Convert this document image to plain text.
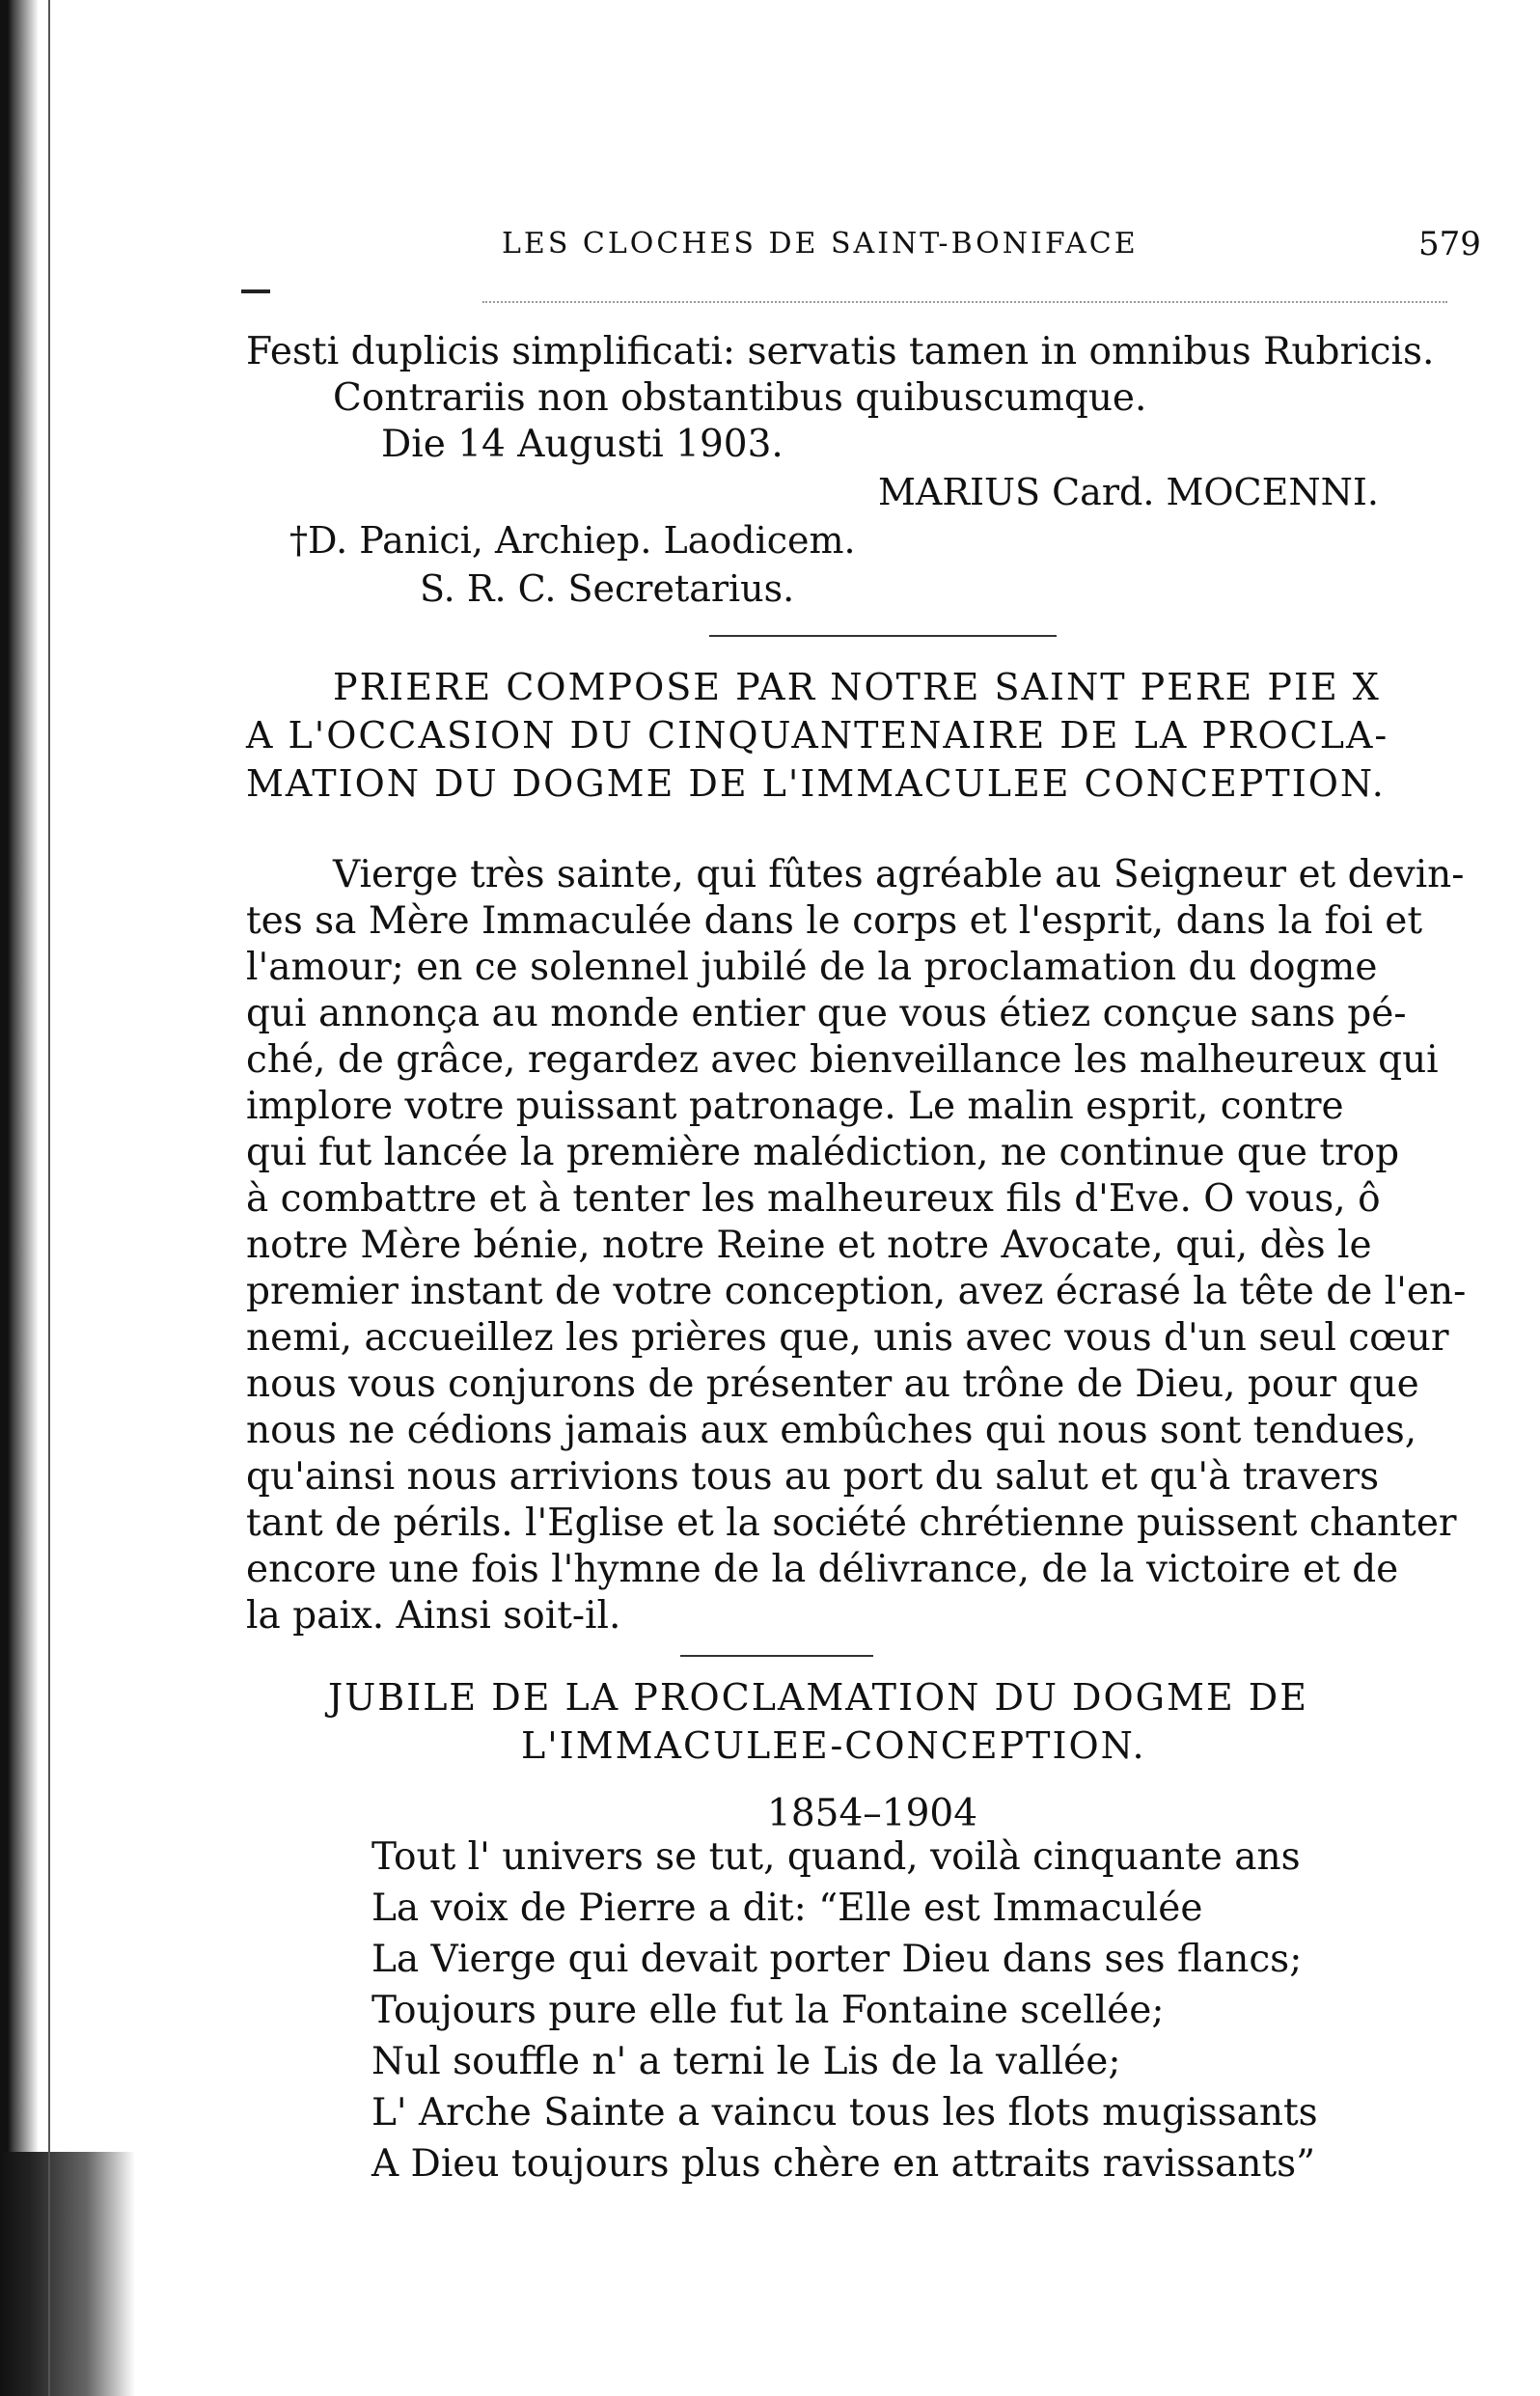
LES CLOCHES DE SAINT-BONIFACE	579
Festi duplicis simplificati: servatis tamen in omnibus Rubricis.
Contrariis non obstantibus quibuscumque.
Die 14 Augusti 1903.
MARIUS Card. MOCENNI.
†D. Panici, Archiep. Laodicem.
S. R. C. Secretarius.
PRIERE COMPOSE PAR NOTRE SAINT PERE PIE X
A L'OCCASION DU CINQUANTENAIRE DE LA PROCLA-
MATION DU DOGME DE L'IMMACULEE CONCEPTION.
Vierge très sainte, qui fûtes agréable au Seigneur et devin-
tes sa Mère Immaculée dans le corps et l'esprit, dans la foi et
l'amour; en ce solennel jubilé de la proclamation du dogme
qui annonça au monde entier que vous étiez conçue sans pé-
ché, de grâce, regardez avec bienveillance les malheureux qui
implore votre puissant patronage. Le malin esprit, contre
qui fut lancée la première malédiction, ne continue que trop
à combattre et à tenter les malheureux fils d'Eve. O vous, ô
notre Mère bénie, notre Reine et notre Avocate, qui, dès le
premier instant de votre conception, avez écrasé la tête de l'en-
nemi, accueillez les prières que, unis avec vous d'un seul cœur
nous vous conjurons de présenter au trône de Dieu, pour que
nous ne cédions jamais aux embûches qui nous sont tendues,
qu'ainsi nous arrivions tous au port du salut et qu'à travers
tant de périls. l'Eglise et la société chrétienne puissent chanter
encore une fois l'hymne de la délivrance, de la victoire et de
la paix. Ainsi soit-il.
JUBILE DE LA PROCLAMATION DU DOGME DE
L'IMMACULEE-CONCEPTION.
1854–1904
Tout l' univers se tut, quand, voilà cinquante ans
La voix de Pierre a dit: “Elle est Immaculée
La Vierge qui devait porter Dieu dans ses flancs;
Toujours pure elle fut la Fontaine scellée;
Nul souffle n' a terni le Lis de la vallée;
L' Arche Sainte a vaincu tous les flots mugissants
A Dieu toujours plus chère en attraits ravissants”
